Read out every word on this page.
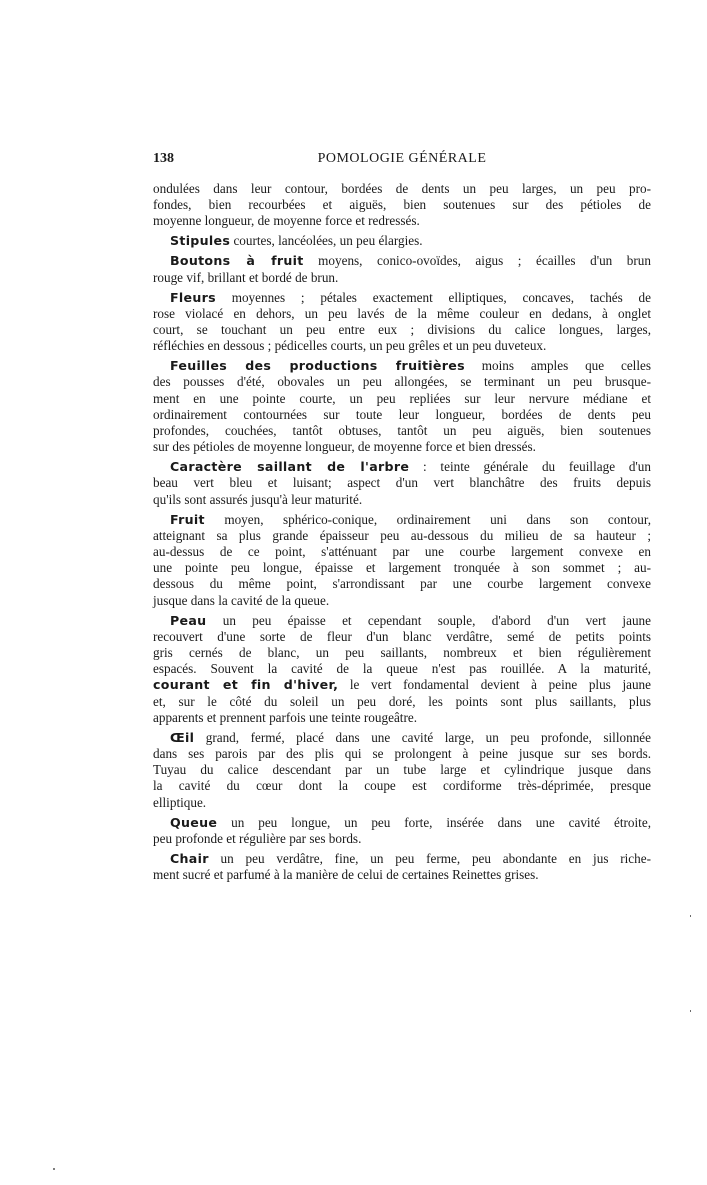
138	POMOLOGIE GÉNÉRALE
ondulées dans leur contour, bordées de dents un peu larges, un peu pro-
fondes, bien recourbées et aiguës, bien soutenues sur des pétioles de
moyenne longueur, de moyenne force et redressés.
Stipules courtes, lancéolées, un peu élargies.
Boutons à fruit moyens, conico-ovoïdes, aigus ; écailles d'un brun
rouge vif, brillant et bordé de brun.
Fleurs moyennes ; pétales exactement elliptiques, concaves, tachés de
rose violacé en dehors, un peu lavés de la même couleur en dedans, à onglet
court, se touchant un peu entre eux ; divisions du calice longues, larges,
réfléchies en dessous ; pédicelles courts, un peu grêles et un peu duveteux.
Feuilles des productions fruitières moins amples que celles
des pousses d'été, obovales un peu allongées, se terminant un peu brusque-
ment en une pointe courte, un peu repliées sur leur nervure médiane et
ordinairement contournées sur toute leur longueur, bordées de dents peu
profondes, couchées, tantôt obtuses, tantôt un peu aiguës, bien soutenues
sur des pétioles de moyenne longueur, de moyenne force et bien dressés.
Caractère saillant de l'arbre : teinte générale du feuillage d'un
beau vert bleu et luisant; aspect d'un vert blanchâtre des fruits depuis
qu'ils sont assurés jusqu'à leur maturité.
Fruit moyen, sphérico-conique, ordinairement uni dans son contour,
atteignant sa plus grande épaisseur peu au-dessous du milieu de sa hauteur ;
au-dessus de ce point, s'atténuant par une courbe largement convexe en
une pointe peu longue, épaisse et largement tronquée à son sommet ; au-
dessous du même point, s'arrondissant par une courbe largement convexe
jusque dans la cavité de la queue.
Peau un peu épaisse et cependant souple, d'abord d'un vert jaune
recouvert d'une sorte de fleur d'un blanc verdâtre, semé de petits points
gris cernés de blanc, un peu saillants, nombreux et bien régulièrement
espacés. Souvent la cavité de la queue n'est pas rouillée. A la maturité,
courant et fin d'hiver, le vert fondamental devient à peine plus jaune
et, sur le côté du soleil un peu doré, les points sont plus saillants, plus
apparents et prennent parfois une teinte rougeâtre.
Œil grand, fermé, placé dans une cavité large, un peu profonde, sillonnée
dans ses parois par des plis qui se prolongent à peine jusque sur ses bords.
Tuyau du calice descendant par un tube large et cylindrique jusque dans
la cavité du cœur dont la coupe est cordiforme très-déprimée, presque
elliptique.
Queue un peu longue, un peu forte, insérée dans une cavité étroite,
peu profonde et régulière par ses bords.
Chair un peu verdâtre, fine, un peu ferme, peu abondante en jus riche-
ment sucré et parfumé à la manière de celui de certaines Reinettes grises.
